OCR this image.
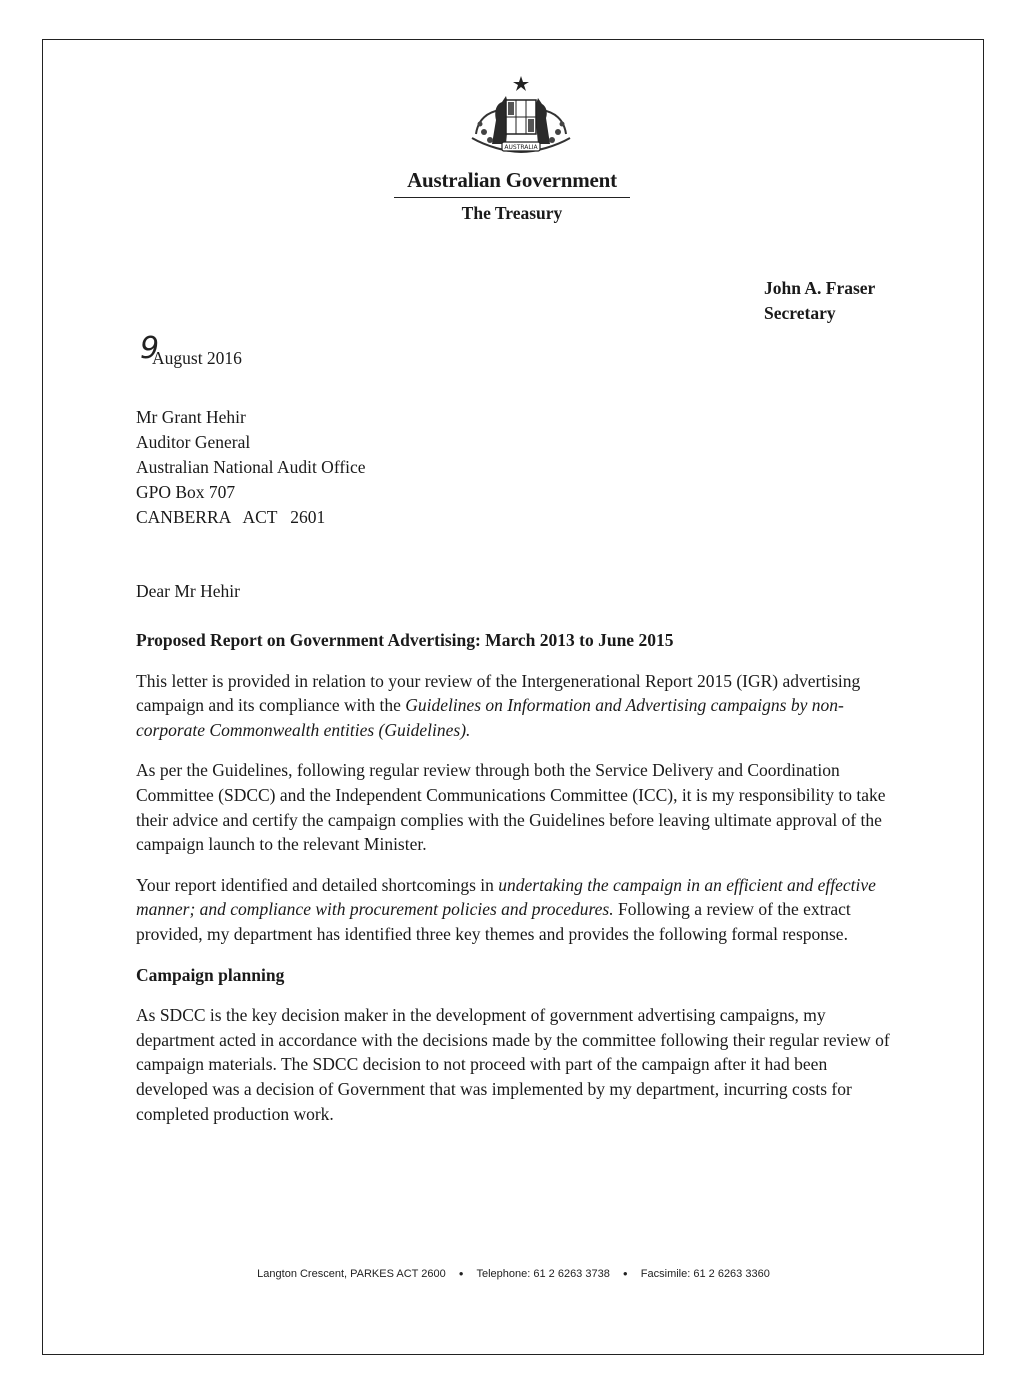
AUSTRALIA
Australian Government
The Treasury
John A. Fraser
Secretary
9
August 2016
Mr Grant Hehir
Auditor General
Australian National Audit Office
GPO Box 707
CANBERRA   ACT   2601
Dear Mr Hehir
Proposed Report on Government Advertising: March 2013 to June 2015

This letter is provided in relation to your review of the Intergenerational Report 2015 (IGR) advertising campaign and its compliance with the Guidelines on Information and Advertising campaigns by non-corporate Commonwealth entities (Guidelines).

As per the Guidelines, following regular review through both the Service Delivery and Coordination Committee (SDCC) and the Independent Communications Committee (ICC), it is my responsibility to take their advice and certify the campaign complies with the Guidelines before leaving ultimate approval of the campaign launch to the relevant Minister.

Your report identified and detailed shortcomings in undertaking the campaign in an efficient and effective manner; and compliance with procurement policies and procedures. Following a review of the extract provided, my department has identified three key themes and provides the following formal response.

Campaign planning

As SDCC is the key decision maker in the development of government advertising campaigns, my department acted in accordance with the decisions made by the committee following their regular review of campaign materials. The SDCC decision to not proceed with part of the campaign after it had been developed was a decision of Government that was implemented by my department, incurring costs for completed production work.

Langton Crescent, PARKES ACT 2600 ● Telephone: 61 2 6263 3738 ● Facsimile: 61 2 6263 3360
